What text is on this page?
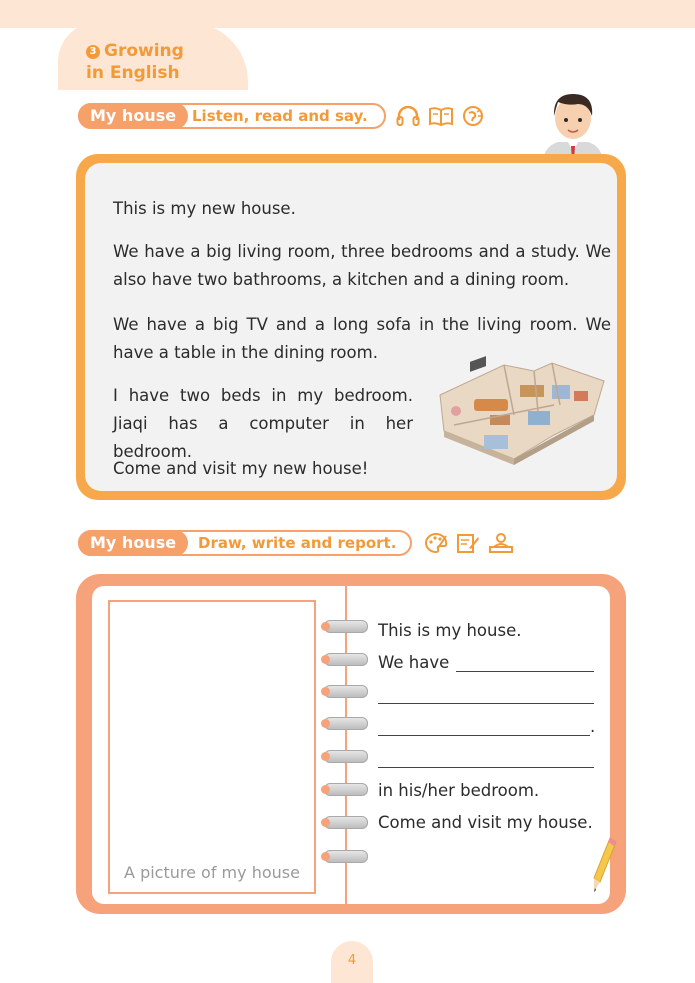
3 Growing
in English
My house	Listen, read and say.
This is my new house.
We have a big living room, three bedrooms and a study. We also have two bathrooms, a kitchen and a dining room.
We have a big TV and a long sofa in the living room. We have a table in the dining room.
I have two beds in my bedroom. Jiaqi has a computer in her bedroom.
Come and visit my new house!
My house	Draw, write and report.
A picture of my house
This is my house.
We have
.
in his/her bedroom.
Come and visit my house.
4
